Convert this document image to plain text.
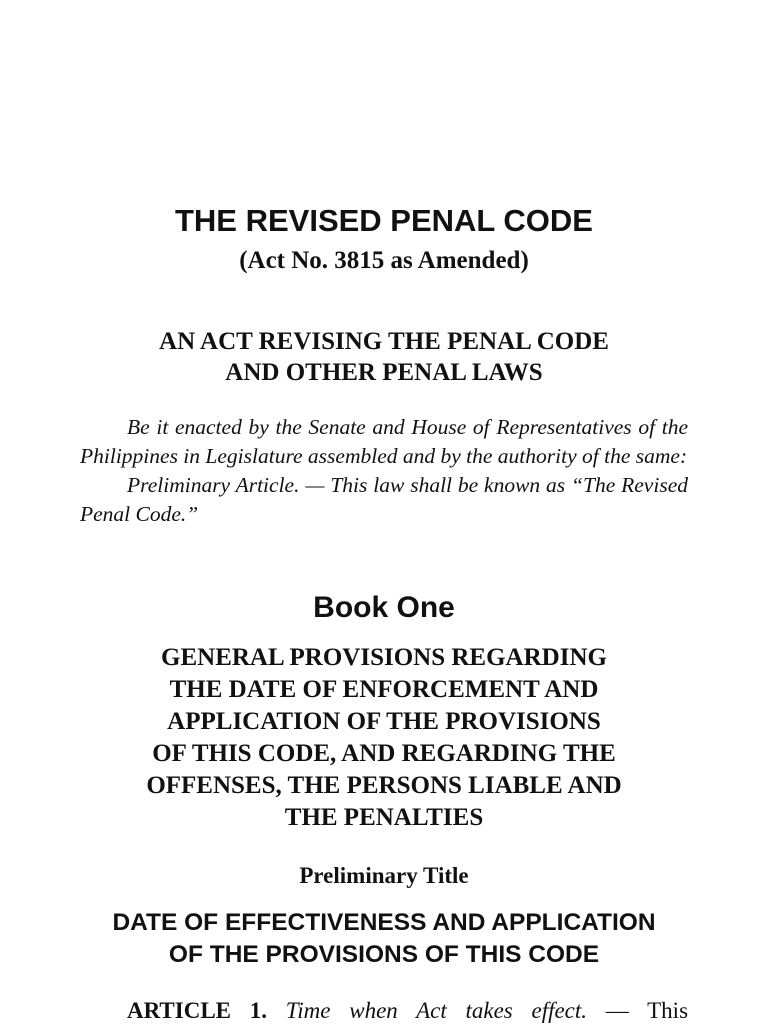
THE REVISED PENAL CODE
(Act No. 3815 as Amended)
AN ACT REVISING THE PENAL CODE
AND OTHER PENAL LAWS

Be it enacted by the Senate and House of Representatives of the Philippines in Legislature assembled and by the authority of the same:

Preliminary Article. — This law shall be known as “The Revised Penal Code.”

Book One
GENERAL PROVISIONS REGARDING
THE DATE OF ENFORCEMENT AND
APPLICATION OF THE PROVISIONS
OF THIS CODE, AND REGARDING THE
OFFENSES, THE PERSONS LIABLE AND
THE PENALTIES
Preliminary Title
DATE OF EFFECTIVENESS AND APPLICATION
OF THE PROVISIONS OF THIS CODE

ARTICLE 1. Time when Act takes effect. — This
